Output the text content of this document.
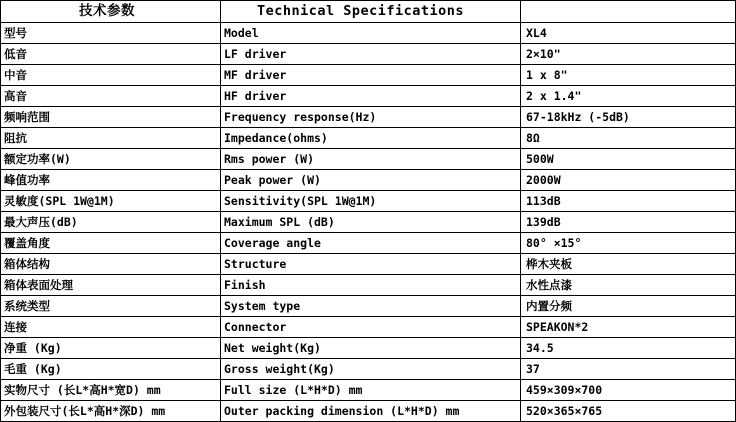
技术参数	Technical Specifications	
型号	Model	XL4
低音	LF driver	2×10"
中音	MF driver	1 x 8"
高音	HF driver	2 x 1.4"
频响范围	Frequency response(Hz)	67-18kHz (-5dB)
阻抗	Impedance(ohms)	8Ω
额定功率(W)	Rms power (W)	500W
峰值功率	Peak power (W)	2000W
灵敏度(SPL 1W@1M)	Sensitivity(SPL 1W@1M)	113dB
最大声压(dB)	Maximum SPL (dB)	139dB
覆盖角度	Coverage angle	80° ×15°
箱体结构	Structure	桦木夹板
箱体表面处理	Finish	水性点漆
系统类型	System type	内置分频
连接	Connector	SPEAKON*2
净重 (Kg)	Net weight(Kg)	34.5
毛重 (Kg)	Gross weight(Kg)	37
实物尺寸 (长L*高H*宽D) mm	Full size (L*H*D) mm	459×309×700
外包装尺寸(长L*高H*深D) mm	Outer packing dimension (L*H*D) mm	520×365×765
